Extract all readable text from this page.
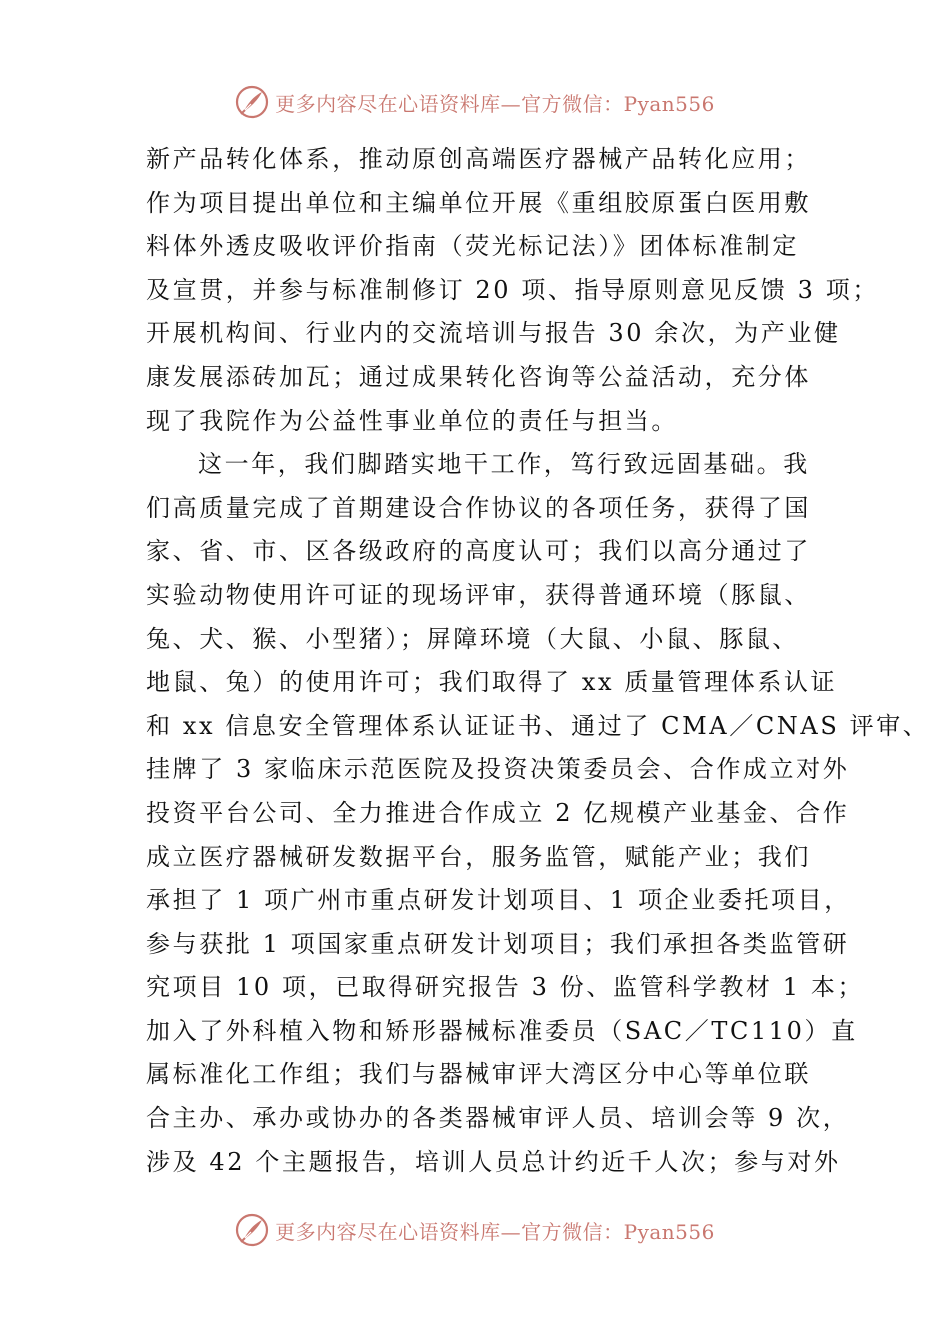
更多内容尽在心语资料库—官方微信：Pyan556
新产品转化体系，推动原创高端医疗器械产品转化应用；
作为项目提出单位和主编单位开展《重组胶原蛋白医用敷
料体外透皮吸收评价指南（荧光标记法）》团体标准制定
及宣贯，并参与标准制修订 20 项、指导原则意见反馈 3 项；
开展机构间、行业内的交流培训与报告 30 余次，为产业健
康发展添砖加瓦；通过成果转化咨询等公益活动，充分体
现了我院作为公益性事业单位的责任与担当。
这一年，我们脚踏实地干工作，笃行致远固基础。我
们高质量完成了首期建设合作协议的各项任务，获得了国
家、省、市、区各级政府的高度认可；我们以高分通过了
实验动物使用许可证的现场评审，获得普通环境（豚鼠、
兔、犬、猴、小型猪）；屏障环境（大鼠、小鼠、豚鼠、
地鼠、兔）的使用许可；我们取得了 xx 质量管理体系认证
和 xx 信息安全管理体系认证证书、通过了 CMA／CNAS 评审、
挂牌了 3 家临床示范医院及投资决策委员会、合作成立对外
投资平台公司、全力推进合作成立 2 亿规模产业基金、合作
成立医疗器械研发数据平台，服务监管，赋能产业；我们
承担了 1 项广州市重点研发计划项目、1 项企业委托项目，
参与获批 1 项国家重点研发计划项目；我们承担各类监管研
究项目 10 项，已取得研究报告 3 份、监管科学教材 1 本；
加入了外科植入物和矫形器械标准委员（SAC／TC110）直
属标准化工作组；我们与器械审评大湾区分中心等单位联
合主办、承办或协办的各类器械审评人员、培训会等 9 次，
涉及 42 个主题报告，培训人员总计约近千人次；参与对外
更多内容尽在心语资料库—官方微信：Pyan556
